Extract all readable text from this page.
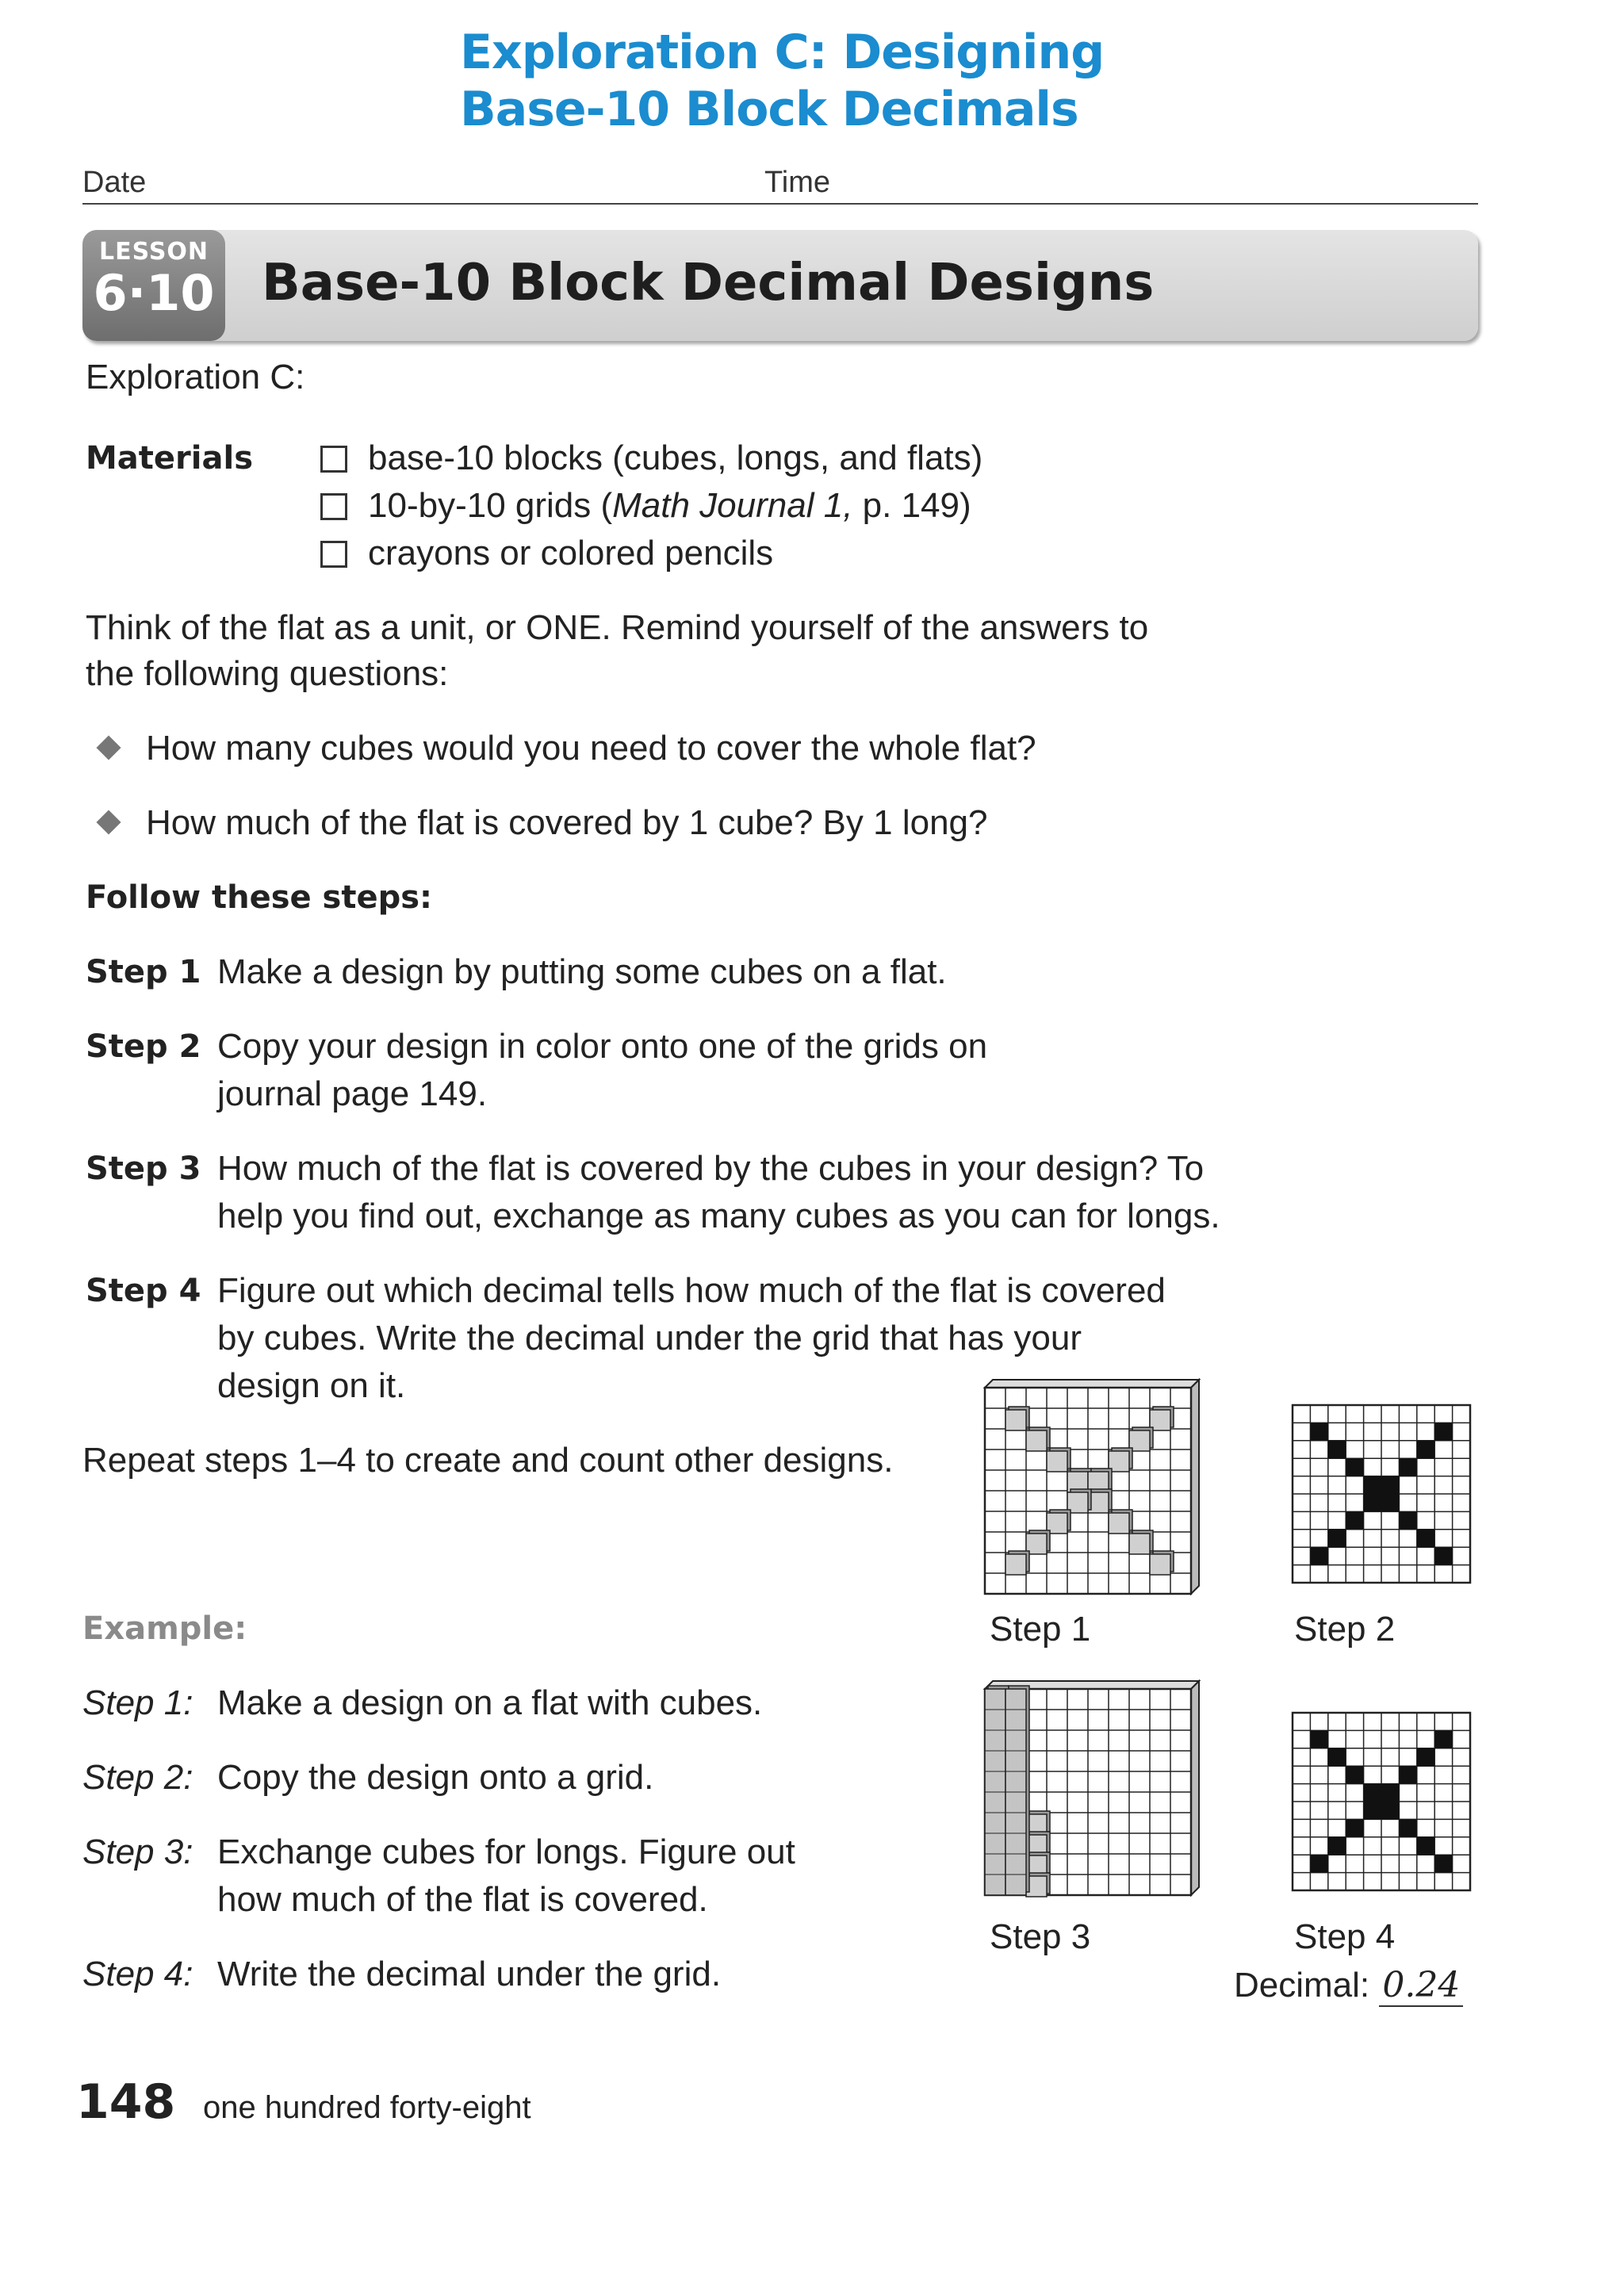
Exploration C: Designing
Base-10 Block Decimals
Date	Time
LESSON
6·10 Base-10 Block Decimal Designs
Exploration C:
Materials	base-10 blocks (cubes, longs, and flats)
10-by-10 grids (Math Journal 1, p. 149)
crayons or colored pencils
Think of the flat as a unit, or ONE. Remind yourself of the answers to
the following questions:
How many cubes would you need to cover the whole flat?
How much of the flat is covered by 1 cube? By 1 long?
Follow these steps:
Step 1 Make a design by putting some cubes on a flat.
Step 2 Copy your design in color onto one of the grids on
journal page 149.
Step 3 How much of the flat is covered by the cubes in your design? To
help you find out, exchange as many cubes as you can for longs.
Step 4 Figure out which decimal tells how much of the flat is covered
by cubes. Write the decimal under the grid that has your
design on it.
Repeat steps 1–4 to create and count other designs.
Example:
Step 1: Make a design on a flat with cubes.
Step 2: Copy the design onto a grid.
Step 3: Exchange cubes for longs. Figure out
how much of the flat is covered.
Step 4: Write the decimal under the grid.
Step 1	Step 2
Step 3	Step 4
Decimal: 0.24
148 one hundred forty-eight
